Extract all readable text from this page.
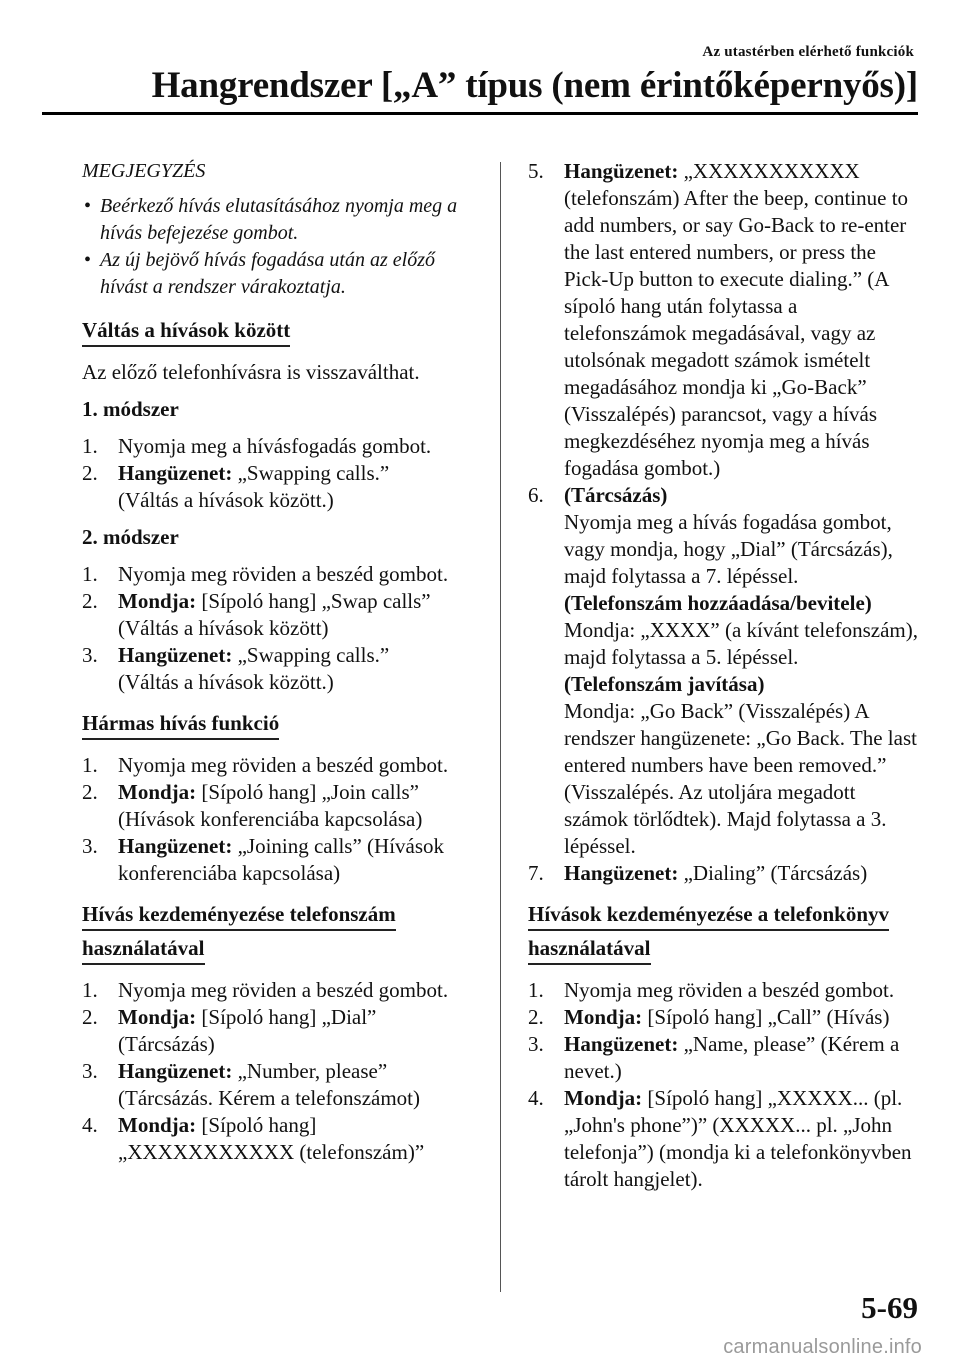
Az utastérben elérhető funkciók
Hangrendszer [„A” típus (nem érintőképernyős)]
MEGJEGYZÉS
• Beérkező hívás elutasításához nyomja meg a hívás befejezése gombot.
• Az új bejövő hívás fogadása után az előző hívást a rendszer várakoztatja.
Váltás a hívások között
Az előző telefonhívásra is visszaválthat.
1. módszer
1. Nyomja meg a hívásfogadás gombot.
2. Hangüzenet: „Swapping calls.”
(Váltás a hívások között.)
2. módszer
1. Nyomja meg röviden a beszéd gombot.
2. Mondja: [Sípoló hang] „Swap calls”
(Váltás a hívások között)
3. Hangüzenet: „Swapping calls.”
(Váltás a hívások között.)
Hármas hívás funkció
1. Nyomja meg röviden a beszéd gombot.
2. Mondja: [Sípoló hang] „Join calls”
(Hívások konferenciába kapcsolása)
3. Hangüzenet: „Joining calls” (Hívások konferenciába kapcsolása)
Hívás kezdeményezése telefonszám
használatával
1. Nyomja meg röviden a beszéd gombot.
2. Mondja: [Sípoló hang] „Dial”
(Tárcsázás)
3. Hangüzenet: „Number, please”
(Tárcsázás. Kérem a telefonszámot)
4. Mondja: [Sípoló hang]
„XXXXXXXXXXX (telefonszám)”
5. Hangüzenet: „XXXXXXXXXXX (telefonszám) After the beep, continue to add numbers, or say Go-Back to re-enter the last entered numbers, or press the Pick-Up button to execute dialing.” (A sípoló hang után folytassa a telefonszámok megadásával, vagy az utolsónak megadott számok ismételt megadásához mondja ki „Go-Back” (Visszalépés) parancsot, vagy a hívás megkezdéséhez nyomja meg a hívás fogadása gombot.)
6. (Tárcsázás)
Nyomja meg a hívás fogadása gombot, vagy mondja, hogy „Dial” (Tárcsázás), majd folytassa a 7. lépéssel.
(Telefonszám hozzáadása/bevitele)
Mondja: „XXXX” (a kívánt telefonszám), majd folytassa a 5. lépéssel.
(Telefonszám javítása)
Mondja: „Go Back” (Visszalépés) A rendszer hangüzenete: „Go Back. The last entered numbers have been removed.” (Visszalépés. Az utoljára megadott számok törlődtek). Majd folytassa a 3. lépéssel.
7. Hangüzenet: „Dialing” (Tárcsázás)
Hívások kezdeményezése a telefonkönyv
használatával
1. Nyomja meg röviden a beszéd gombot.
2. Mondja: [Sípoló hang] „Call” (Hívás)
3. Hangüzenet: „Name, please” (Kérem a nevet.)
4. Mondja: [Sípoló hang] „XXXXX... (pl. „John's phone”)” (XXXXX... pl. „John telefonja”) (mondja ki a telefonkönyvben tárolt hangjelet).
5-69
carmanualsonline.info
